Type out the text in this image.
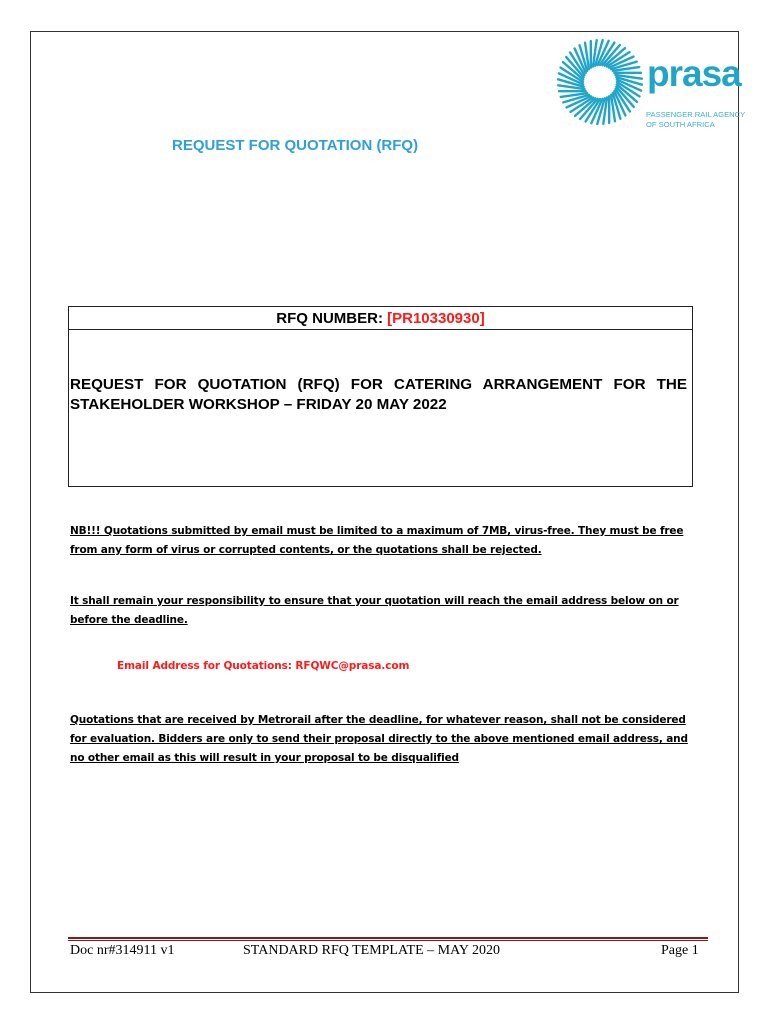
prasa
PASSENGER RAIL AGENCY
OF SOUTH AFRICA
REQUEST FOR QUOTATION (RFQ)
RFQ NUMBER: [PR10330930]
REQUEST FOR QUOTATION (RFQ) FOR CATERING ARRANGEMENT FOR THE STAKEHOLDER WORKSHOP – FRIDAY 20 MAY 2022
NB!!! Quotations submitted by email must be limited to a maximum of 7MB, virus-free. They must be free from any form of virus or corrupted contents, or the quotations shall be rejected.
It shall remain your responsibility to ensure that your quotation will reach the email address below on or before the deadline.
Email Address for Quotations: RFQWC@prasa.com
Quotations that are received by Metrorail after the deadline, for whatever reason, shall not be considered for evaluation. Bidders are only to send their proposal directly to the above mentioned email address, and no other email as this will result in your proposal to be disqualified
Doc nr#314911 v1	STANDARD RFQ TEMPLATE – MAY 2020	Page 1
